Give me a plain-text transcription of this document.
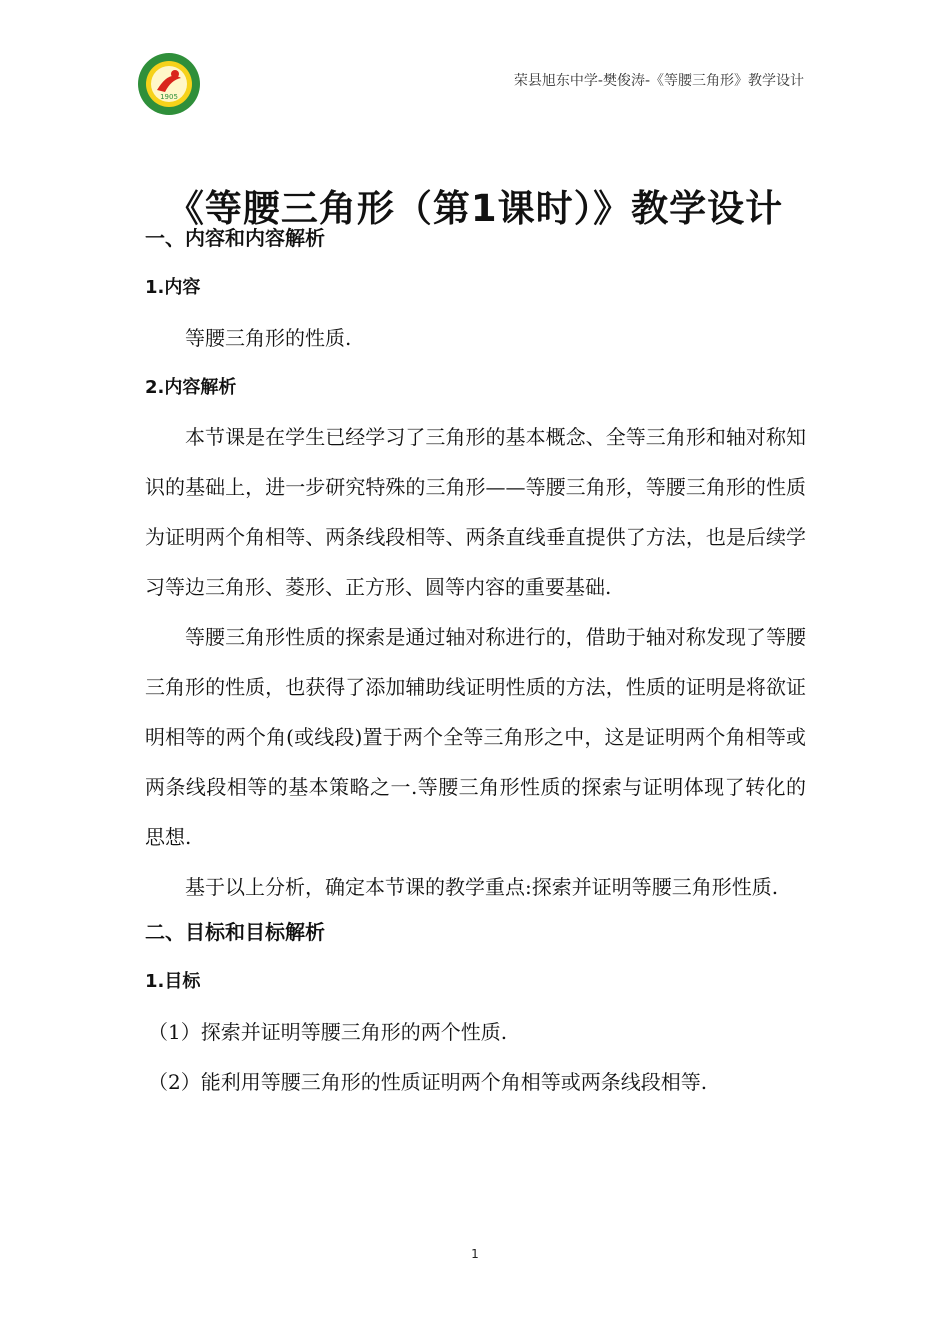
1905
荣县旭东中学-樊俊涛-《等腰三角形》教学设计
《等腰三角形（第1课时）》教学设计
一、内容和内容解析
1.内容
等腰三角形的性质.
2.内容解析

本节课是在学生已经学习了三角形的基本概念、全等三角形和轴对称知识的基础上，进一步研究特殊的三角形——等腰三角形，等腰三角形的性质为证明两个角相等、两条线段相等、两条直线垂直提供了方法，也是后续学习等边三角形、菱形、正方形、圆等内容的重要基础.

等腰三角形性质的探索是通过轴对称进行的，借助于轴对称发现了等腰三角形的性质，也获得了添加辅助线证明性质的方法，性质的证明是将欲证明相等的两个角(或线段)置于两个全等三角形之中，这是证明两个角相等或两条线段相等的基本策略之一.等腰三角形性质的探索与证明体现了转化的思想.

基于以上分析，确定本节课的教学重点:探索并证明等腰三角形性质.

二、目标和目标解析
1.目标
（1）探索并证明等腰三角形的两个性质.
（2）能利用等腰三角形的性质证明两个角相等或两条线段相等.
1
